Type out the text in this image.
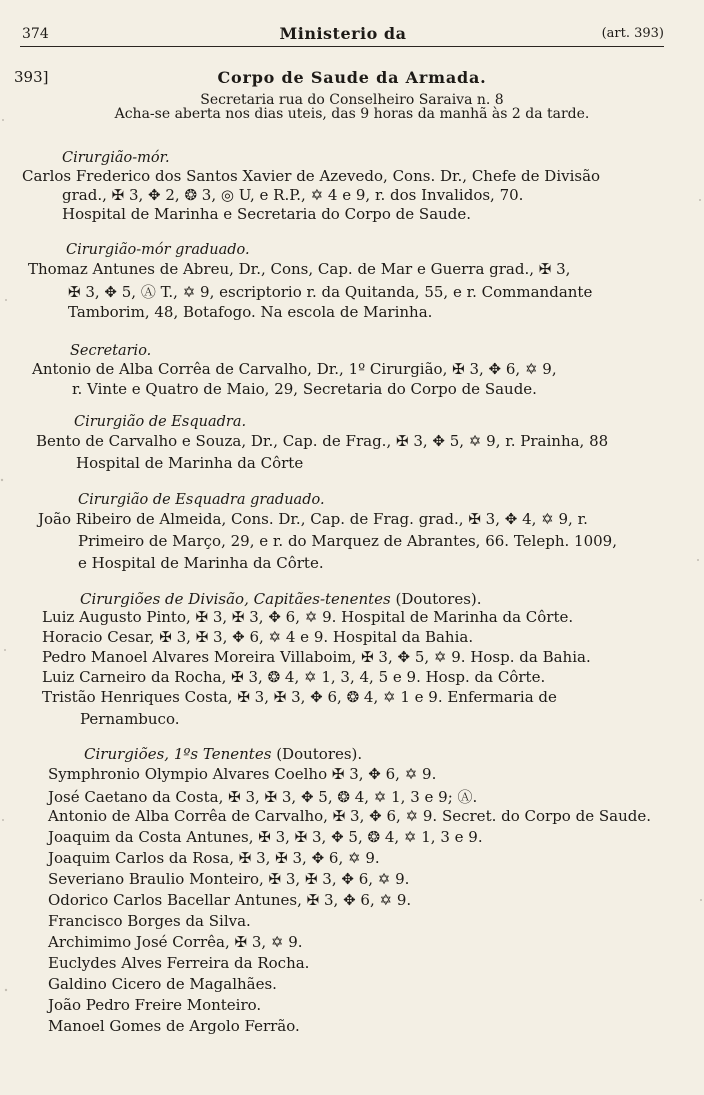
374	Ministerio da	(art. 393)
393]	Corpo de Saude da Armada.
Secretaria rua do Conselheiro Saraiva n. 8
Acha-se aberta nos dias uteis, das 9 horas da manhã às 2 da tarde.
Cirurgião-mór.
Carlos Frederico dos Santos Xavier de Azevedo, Cons. Dr., Chefe de Divisão
grad., ✠ 3, ✥ 2, ❂ 3, ◎ U, e R.P., ✡ 4 e 9, r. dos Invalidos, 70.
Hospital de Marinha e Secretaria do Corpo de Saude.
Cirurgião-mór graduado.
Thomaz Antunes de Abreu, Dr., Cons, Cap. de Mar e Guerra grad., ✠ 3,
✠ 3, ✥ 5, Ⓐ T., ✡ 9, escriptorio r. da Quitanda, 55, e r. Commandante
Tamborim, 48, Botafogo. Na escola de Marinha.
Secretario.
Antonio de Alba Corrêa de Carvalho, Dr., 1º Cirurgião, ✠ 3, ✥ 6, ✡ 9,
r. Vinte e Quatro de Maio, 29, Secretaria do Corpo de Saude.
Cirurgião de Esquadra.
Bento de Carvalho e Souza, Dr., Cap. de Frag., ✠ 3, ✥ 5, ✡ 9, r. Prainha, 88
Hospital de Marinha da Côrte
Cirurgião de Esquadra graduado.
João Ribeiro de Almeida, Cons. Dr., Cap. de Frag. grad., ✠ 3, ✥ 4, ✡ 9, r.
Primeiro de Março, 29, e r. do Marquez de Abrantes, 66. Teleph. 1009,
e Hospital de Marinha da Côrte.
Cirurgiões de Divisão, Capitães-tenentes (Doutores).
Luiz Augusto Pinto, ✠ 3, ✠ 3, ✥ 6, ✡ 9. Hospital de Marinha da Côrte.
Horacio Cesar, ✠ 3, ✠ 3, ✥ 6, ✡ 4 e 9. Hospital da Bahia.
Pedro Manoel Alvares Moreira Villaboim, ✠ 3, ✥ 5, ✡ 9. Hosp. da Bahia.
Luiz Carneiro da Rocha, ✠ 3, ❂ 4, ✡ 1, 3, 4, 5 e 9. Hosp. da Côrte.
Tristão Henriques Costa, ✠ 3, ✠ 3, ✥ 6, ❂ 4, ✡ 1 e 9. Enfermaria de
Pernambuco.
Cirurgiões, 1ºs Tenentes (Doutores).
Symphronio Olympio Alvares Coelho ✠ 3, ✥ 6, ✡ 9.
José Caetano da Costa, ✠ 3, ✠ 3, ✥ 5, ❂ 4, ✡ 1, 3 e 9; Ⓐ.
Antonio de Alba Corrêa de Carvalho, ✠ 3, ✥ 6, ✡ 9. Secret. do Corpo de Saude.
Joaquim da Costa Antunes, ✠ 3, ✠ 3, ✥ 5, ❂ 4, ✡ 1, 3 e 9.
Joaquim Carlos da Rosa, ✠ 3, ✠ 3, ✥ 6, ✡ 9.
Severiano Braulio Monteiro, ✠ 3, ✠ 3, ✥ 6, ✡ 9.
Odorico Carlos Bacellar Antunes, ✠ 3, ✥ 6, ✡ 9.
Francisco Borges da Silva.
Archimimo José Corrêa, ✠ 3, ✡ 9.
Euclydes Alves Ferreira da Rocha.
Galdino Cicero de Magalhães.
João Pedro Freire Monteiro.
Manoel Gomes de Argolo Ferrão.
